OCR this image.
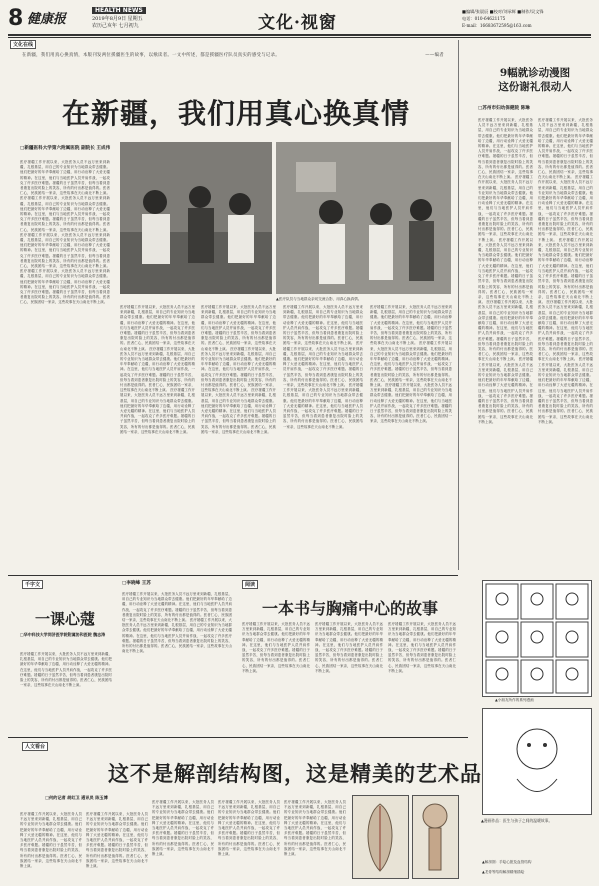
8 健康报
HEALTH NEWS
2019年8月9日 星期五
农历己亥年 七月初九	文化·视窗
■编辑/张晨辰 ■校对/刘承辉 ■制作/吴文锋
电话：010-64621175
E-mail：16683672595@163.com
文化在线
在新疆，我们用真心换真情，本版刊发两位援疆医生的故事，以飨读者。一文中所述，都是援疆医疗队员真实的感受与记录。	——编者
在新疆，我们用真心换真情
□新疆医科大学第六附属医院 副院长 王成伟
医疗援疆工作开展以来，大批医务人员不远万里来到新疆，扎根基层，用自己的专业知识为当地群众带去健康。他们把最好的年华奉献给了边疆，用行动诠释了大爱无疆的精神。在这里，他们与当地医护人员并肩作战，一起攻克了许多医疗难题。援疆的日子虽然辛苦，但每当看到患者康复出院时脸上的笑容，所有的付出都是值得的。医者仁心，民族团结一家亲，这些故事在天山南北不断上演。 医疗援疆工作开展以来，大批医务人员不远万里来到新疆，扎根基层，用自己的专业知识为当地群众带去健康。他们把最好的年华奉献给了边疆，用行动诠释了大爱无疆的精神。在这里，他们与当地医护人员并肩作战，一起攻克了许多医疗难题。援疆的日子虽然辛苦，但每当看到患者康复出院时脸上的笑容，所有的付出都是值得的。医者仁心，民族团结一家亲，这些故事在天山南北不断上演。 医疗援疆工作开展以来，大批医务人员不远万里来到新疆，扎根基层，用自己的专业知识为当地群众带去健康。他们把最好的年华奉献给了边疆，用行动诠释了大爱无疆的精神。在这里，他们与当地医护人员并肩作战，一起攻克了许多医疗难题。援疆的日子虽然辛苦，但每当看到患者康复出院时脸上的笑容，所有的付出都是值得的。医者仁心，民族团结一家亲，这些故事在天山南北不断上演。 医疗援疆工作开展以来，大批医务人员不远万里来到新疆，扎根基层，用自己的专业知识为当地群众带去健康。他们把最好的年华奉献给了边疆，用行动诠释了大爱无疆的精神。在这里，他们与当地医护人员并肩作战，一起攻克了许多医疗难题。援疆的日子虽然辛苦，但每当看到患者康复出院时脸上的笑容，所有的付出都是值得的。医者仁心，民族团结一家亲，这些故事在天山南北不断上演。
▲医疗队员与当地群众亲切交流合影，用真心换真情。
医疗援疆工作开展以来，大批医务人员不远万里来到新疆，扎根基层，用自己的专业知识为当地群众带去健康。他们把最好的年华奉献给了边疆，用行动诠释了大爱无疆的精神。在这里，他们与当地医护人员并肩作战，一起攻克了许多医疗难题。援疆的日子虽然辛苦，但每当看到患者康复出院时脸上的笑容，所有的付出都是值得的。医者仁心，民族团结一家亲，这些故事在天山南北不断上演。 医疗援疆工作开展以来，大批医务人员不远万里来到新疆，扎根基层，用自己的专业知识为当地群众带去健康。他们把最好的年华奉献给了边疆，用行动诠释了大爱无疆的精神。在这里，他们与当地医护人员并肩作战，一起攻克了许多医疗难题。援疆的日子虽然辛苦，但每当看到患者康复出院时脸上的笑容，所有的付出都是值得的。医者仁心，民族团结一家亲，这些故事在天山南北不断上演。 医疗援疆工作开展以来，大批医务人员不远万里来到新疆，扎根基层，用自己的专业知识为当地群众带去健康。他们把最好的年华奉献给了边疆，用行动诠释了大爱无疆的精神。在这里，他们与当地医护人员并肩作战，一起攻克了许多医疗难题。援疆的日子虽然辛苦，但每当看到患者康复出院时脸上的笑容，所有的付出都是值得的。医者仁心，民族团结一家亲，这些故事在天山南北不断上演。
医疗援疆工作开展以来，大批医务人员不远万里来到新疆，扎根基层，用自己的专业知识为当地群众带去健康。他们把最好的年华奉献给了边疆，用行动诠释了大爱无疆的精神。在这里，他们与当地医护人员并肩作战，一起攻克了许多医疗难题。援疆的日子虽然辛苦，但每当看到患者康复出院时脸上的笑容，所有的付出都是值得的。医者仁心，民族团结一家亲，这些故事在天山南北不断上演。 医疗援疆工作开展以来，大批医务人员不远万里来到新疆，扎根基层，用自己的专业知识为当地群众带去健康。他们把最好的年华奉献给了边疆，用行动诠释了大爱无疆的精神。在这里，他们与当地医护人员并肩作战，一起攻克了许多医疗难题。援疆的日子虽然辛苦，但每当看到患者康复出院时脸上的笑容，所有的付出都是值得的。医者仁心，民族团结一家亲，这些故事在天山南北不断上演。 医疗援疆工作开展以来，大批医务人员不远万里来到新疆，扎根基层，用自己的专业知识为当地群众带去健康。他们把最好的年华奉献给了边疆，用行动诠释了大爱无疆的精神。在这里，他们与当地医护人员并肩作战，一起攻克了许多医疗难题。援疆的日子虽然辛苦，但每当看到患者康复出院时脸上的笑容，所有的付出都是值得的。医者仁心，民族团结一家亲，这些故事在天山南北不断上演。
医疗援疆工作开展以来，大批医务人员不远万里来到新疆，扎根基层，用自己的专业知识为当地群众带去健康。他们把最好的年华奉献给了边疆，用行动诠释了大爱无疆的精神。在这里，他们与当地医护人员并肩作战，一起攻克了许多医疗难题。援疆的日子虽然辛苦，但每当看到患者康复出院时脸上的笑容，所有的付出都是值得的。医者仁心，民族团结一家亲，这些故事在天山南北不断上演。 医疗援疆工作开展以来，大批医务人员不远万里来到新疆，扎根基层，用自己的专业知识为当地群众带去健康。他们把最好的年华奉献给了边疆，用行动诠释了大爱无疆的精神。在这里，他们与当地医护人员并肩作战，一起攻克了许多医疗难题。援疆的日子虽然辛苦，但每当看到患者康复出院时脸上的笑容，所有的付出都是值得的。医者仁心，民族团结一家亲，这些故事在天山南北不断上演。 医疗援疆工作开展以来，大批医务人员不远万里来到新疆，扎根基层，用自己的专业知识为当地群众带去健康。他们把最好的年华奉献给了边疆，用行动诠释了大爱无疆的精神。在这里，他们与当地医护人员并肩作战，一起攻克了许多医疗难题。援疆的日子虽然辛苦，但每当看到患者康复出院时脸上的笑容，所有的付出都是值得的。医者仁心，民族团结一家亲，这些故事在天山南北不断上演。
医疗援疆工作开展以来，大批医务人员不远万里来到新疆，扎根基层，用自己的专业知识为当地群众带去健康。他们把最好的年华奉献给了边疆，用行动诠释了大爱无疆的精神。在这里，他们与当地医护人员并肩作战，一起攻克了许多医疗难题。援疆的日子虽然辛苦，但每当看到患者康复出院时脸上的笑容，所有的付出都是值得的。医者仁心，民族团结一家亲，这些故事在天山南北不断上演。 医疗援疆工作开展以来，大批医务人员不远万里来到新疆，扎根基层，用自己的专业知识为当地群众带去健康。他们把最好的年华奉献给了边疆，用行动诠释了大爱无疆的精神。在这里，他们与当地医护人员并肩作战，一起攻克了许多医疗难题。援疆的日子虽然辛苦，但每当看到患者康复出院时脸上的笑容，所有的付出都是值得的。医者仁心，民族团结一家亲，这些故事在天山南北不断上演。 医疗援疆工作开展以来，大批医务人员不远万里来到新疆，扎根基层，用自己的专业知识为当地群众带去健康。他们把最好的年华奉献给了边疆，用行动诠释了大爱无疆的精神。在这里，他们与当地医护人员并肩作战，一起攻克了许多医疗难题。援疆的日子虽然辛苦，但每当看到患者康复出院时脸上的笑容，所有的付出都是值得的。医者仁心，民族团结一家亲，这些故事在天山南北不断上演。
9幅就诊动漫图
这份谢礼很动人
□苏州市妇幼保健院 陈琳
医疗援疆工作开展以来，大批医务人员不远万里来到新疆，扎根基层，用自己的专业知识为当地群众带去健康。他们把最好的年华奉献给了边疆，用行动诠释了大爱无疆的精神。在这里，他们与当地医护人员并肩作战，一起攻克了许多医疗难题。援疆的日子虽然辛苦，但每当看到患者康复出院时脸上的笑容，所有的付出都是值得的。医者仁心，民族团结一家亲，这些故事在天山南北不断上演。 医疗援疆工作开展以来，大批医务人员不远万里来到新疆，扎根基层，用自己的专业知识为当地群众带去健康。他们把最好的年华奉献给了边疆，用行动诠释了大爱无疆的精神。在这里，他们与当地医护人员并肩作战，一起攻克了许多医疗难题。援疆的日子虽然辛苦，但每当看到患者康复出院时脸上的笑容，所有的付出都是值得的。医者仁心，民族团结一家亲，这些故事在天山南北不断上演。 医疗援疆工作开展以来，大批医务人员不远万里来到新疆，扎根基层，用自己的专业知识为当地群众带去健康。他们把最好的年华奉献给了边疆，用行动诠释了大爱无疆的精神。在这里，他们与当地医护人员并肩作战，一起攻克了许多医疗难题。援疆的日子虽然辛苦，但每当看到患者康复出院时脸上的笑容，所有的付出都是值得的。医者仁心，民族团结一家亲，这些故事在天山南北不断上演。 医疗援疆工作开展以来，大批医务人员不远万里来到新疆，扎根基层，用自己的专业知识为当地群众带去健康。他们把最好的年华奉献给了边疆，用行动诠释了大爱无疆的精神。在这里，他们与当地医护人员并肩作战，一起攻克了许多医疗难题。援疆的日子虽然辛苦，但每当看到患者康复出院时脸上的笑容，所有的付出都是值得的。医者仁心，民族团结一家亲，这些故事在天山南北不断上演。 医疗援疆工作开展以来，大批医务人员不远万里来到新疆，扎根基层，用自己的专业知识为当地群众带去健康。他们把最好的年华奉献给了边疆，用行动诠释了大爱无疆的精神。在这里，他们与当地医护人员并肩作战，一起攻克了许多医疗难题。援疆的日子虽然辛苦，但每当看到患者康复出院时脸上的笑容，所有的付出都是值得的。医者仁心，民族团结一家亲，这些故事在天山南北不断上演。
医疗援疆工作开展以来，大批医务人员不远万里来到新疆，扎根基层，用自己的专业知识为当地群众带去健康。他们把最好的年华奉献给了边疆，用行动诠释了大爱无疆的精神。在这里，他们与当地医护人员并肩作战，一起攻克了许多医疗难题。援疆的日子虽然辛苦，但每当看到患者康复出院时脸上的笑容，所有的付出都是值得的。医者仁心，民族团结一家亲，这些故事在天山南北不断上演。 医疗援疆工作开展以来，大批医务人员不远万里来到新疆，扎根基层，用自己的专业知识为当地群众带去健康。他们把最好的年华奉献给了边疆，用行动诠释了大爱无疆的精神。在这里，他们与当地医护人员并肩作战，一起攻克了许多医疗难题。援疆的日子虽然辛苦，但每当看到患者康复出院时脸上的笑容，所有的付出都是值得的。医者仁心，民族团结一家亲，这些故事在天山南北不断上演。 医疗援疆工作开展以来，大批医务人员不远万里来到新疆，扎根基层，用自己的专业知识为当地群众带去健康。他们把最好的年华奉献给了边疆，用行动诠释了大爱无疆的精神。在这里，他们与当地医护人员并肩作战，一起攻克了许多医疗难题。援疆的日子虽然辛苦，但每当看到患者康复出院时脸上的笑容，所有的付出都是值得的。医者仁心，民族团结一家亲，这些故事在天山南北不断上演。 医疗援疆工作开展以来，大批医务人员不远万里来到新疆，扎根基层，用自己的专业知识为当地群众带去健康。他们把最好的年华奉献给了边疆，用行动诠释了大爱无疆的精神。在这里，他们与当地医护人员并肩作战，一起攻克了许多医疗难题。援疆的日子虽然辛苦，但每当看到患者康复出院时脸上的笑容，所有的付出都是值得的。医者仁心，民族团结一家亲，这些故事在天山南北不断上演。 医疗援疆工作开展以来，大批医务人员不远万里来到新疆，扎根基层，用自己的专业知识为当地群众带去健康。他们把最好的年华奉献给了边疆，用行动诠释了大爱无疆的精神。在这里，他们与当地医护人员并肩作战，一起攻克了许多医疗难题。援疆的日子虽然辛苦，但每当看到患者康复出院时脸上的笑容，所有的付出都是值得的。医者仁心，民族团结一家亲，这些故事在天山南北不断上演。
千字文
一课心蔻
□华中科技大学同济医学院附属协和医院 魏志涛
医疗援疆工作开展以来，大批医务人员不远万里来到新疆，扎根基层，用自己的专业知识为当地群众带去健康。他们把最好的年华奉献给了边疆，用行动诠释了大爱无疆的精神。在这里，他们与当地医护人员并肩作战，一起攻克了许多医疗难题。援疆的日子虽然辛苦，但每当看到患者康复出院时脸上的笑容，所有的付出都是值得的。医者仁心，民族团结一家亲，这些故事在天山南北不断上演。
□李晓峰 王苏
医疗援疆工作开展以来，大批医务人员不远万里来到新疆，扎根基层，用自己的专业知识为当地群众带去健康。他们把最好的年华奉献给了边疆，用行动诠释了大爱无疆的精神。在这里，他们与当地医护人员并肩作战，一起攻克了许多医疗难题。援疆的日子虽然辛苦，但每当看到患者康复出院时脸上的笑容，所有的付出都是值得的。医者仁心，民族团结一家亲，这些故事在天山南北不断上演。 医疗援疆工作开展以来，大批医务人员不远万里来到新疆，扎根基层，用自己的专业知识为当地群众带去健康。他们把最好的年华奉献给了边疆，用行动诠释了大爱无疆的精神。在这里，他们与当地医护人员并肩作战，一起攻克了许多医疗难题。援疆的日子虽然辛苦，但每当看到患者康复出院时脸上的笑容，所有的付出都是值得的。医者仁心，民族团结一家亲，这些故事在天山南北不断上演。
阅读
一本书与胸痛中心的故事
医疗援疆工作开展以来，大批医务人员不远万里来到新疆，扎根基层，用自己的专业知识为当地群众带去健康。他们把最好的年华奉献给了边疆，用行动诠释了大爱无疆的精神。在这里，他们与当地医护人员并肩作战，一起攻克了许多医疗难题。援疆的日子虽然辛苦，但每当看到患者康复出院时脸上的笑容，所有的付出都是值得的。医者仁心，民族团结一家亲，这些故事在天山南北不断上演。
医疗援疆工作开展以来，大批医务人员不远万里来到新疆，扎根基层，用自己的专业知识为当地群众带去健康。他们把最好的年华奉献给了边疆，用行动诠释了大爱无疆的精神。在这里，他们与当地医护人员并肩作战，一起攻克了许多医疗难题。援疆的日子虽然辛苦，但每当看到患者康复出院时脸上的笑容，所有的付出都是值得的。医者仁心，民族团结一家亲，这些故事在天山南北不断上演。
医疗援疆工作开展以来，大批医务人员不远万里来到新疆，扎根基层，用自己的专业知识为当地群众带去健康。他们把最好的年华奉献给了边疆，用行动诠释了大爱无疆的精神。在这里，他们与当地医护人员并肩作战，一起攻克了许多医疗难题。援疆的日子虽然辛苦，但每当看到患者康复出院时脸上的笑容，所有的付出都是值得的。医者仁心，民族团结一家亲，这些故事在天山南北不断上演。
▲小朋友所作的系列漫画
▲漫画作品：医生与孩子之间的温暖故事。
人文看台
这不是解剖结构图，这是精美的艺术品
□何约记者 胡红卫 通讯员 陈玉博
医疗援疆工作开展以来，大批医务人员不远万里来到新疆，扎根基层，用自己的专业知识为当地群众带去健康。他们把最好的年华奉献给了边疆，用行动诠释了大爱无疆的精神。在这里，他们与当地医护人员并肩作战，一起攻克了许多医疗难题。援疆的日子虽然辛苦，但每当看到患者康复出院时脸上的笑容，所有的付出都是值得的。医者仁心，民族团结一家亲，这些故事在天山南北不断上演。
医疗援疆工作开展以来，大批医务人员不远万里来到新疆，扎根基层，用自己的专业知识为当地群众带去健康。他们把最好的年华奉献给了边疆，用行动诠释了大爱无疆的精神。在这里，他们与当地医护人员并肩作战，一起攻克了许多医疗难题。援疆的日子虽然辛苦，但每当看到患者康复出院时脸上的笑容，所有的付出都是值得的。医者仁心，民族团结一家亲，这些故事在天山南北不断上演。
医疗援疆工作开展以来，大批医务人员不远万里来到新疆，扎根基层，用自己的专业知识为当地群众带去健康。他们把最好的年华奉献给了边疆，用行动诠释了大爱无疆的精神。在这里，他们与当地医护人员并肩作战，一起攻克了许多医疗难题。援疆的日子虽然辛苦，但每当看到患者康复出院时脸上的笑容，所有的付出都是值得的。医者仁心，民族团结一家亲，这些故事在天山南北不断上演。
医疗援疆工作开展以来，大批医务人员不远万里来到新疆，扎根基层，用自己的专业知识为当地群众带去健康。他们把最好的年华奉献给了边疆，用行动诠释了大爱无疆的精神。在这里，他们与当地医护人员并肩作战，一起攻克了许多医疗难题。援疆的日子虽然辛苦，但每当看到患者康复出院时脸上的笑容，所有的付出都是值得的。医者仁心，民族团结一家亲，这些故事在天山南北不断上演。
医疗援疆工作开展以来，大批医务人员不远万里来到新疆，扎根基层，用自己的专业知识为当地群众带去健康。他们把最好的年华奉献给了边疆，用行动诠释了大爱无疆的精神。在这里，他们与当地医护人员并肩作战，一起攻克了许多医疗难题。援疆的日子虽然辛苦，但每当看到患者康复出院时脸上的笑容，所有的付出都是值得的。医者仁心，民族团结一家亲，这些故事在天山南北不断上演。
▲解剖图：手绘心脏及血管结构
▲龙骨等结构解剖精细描绘
